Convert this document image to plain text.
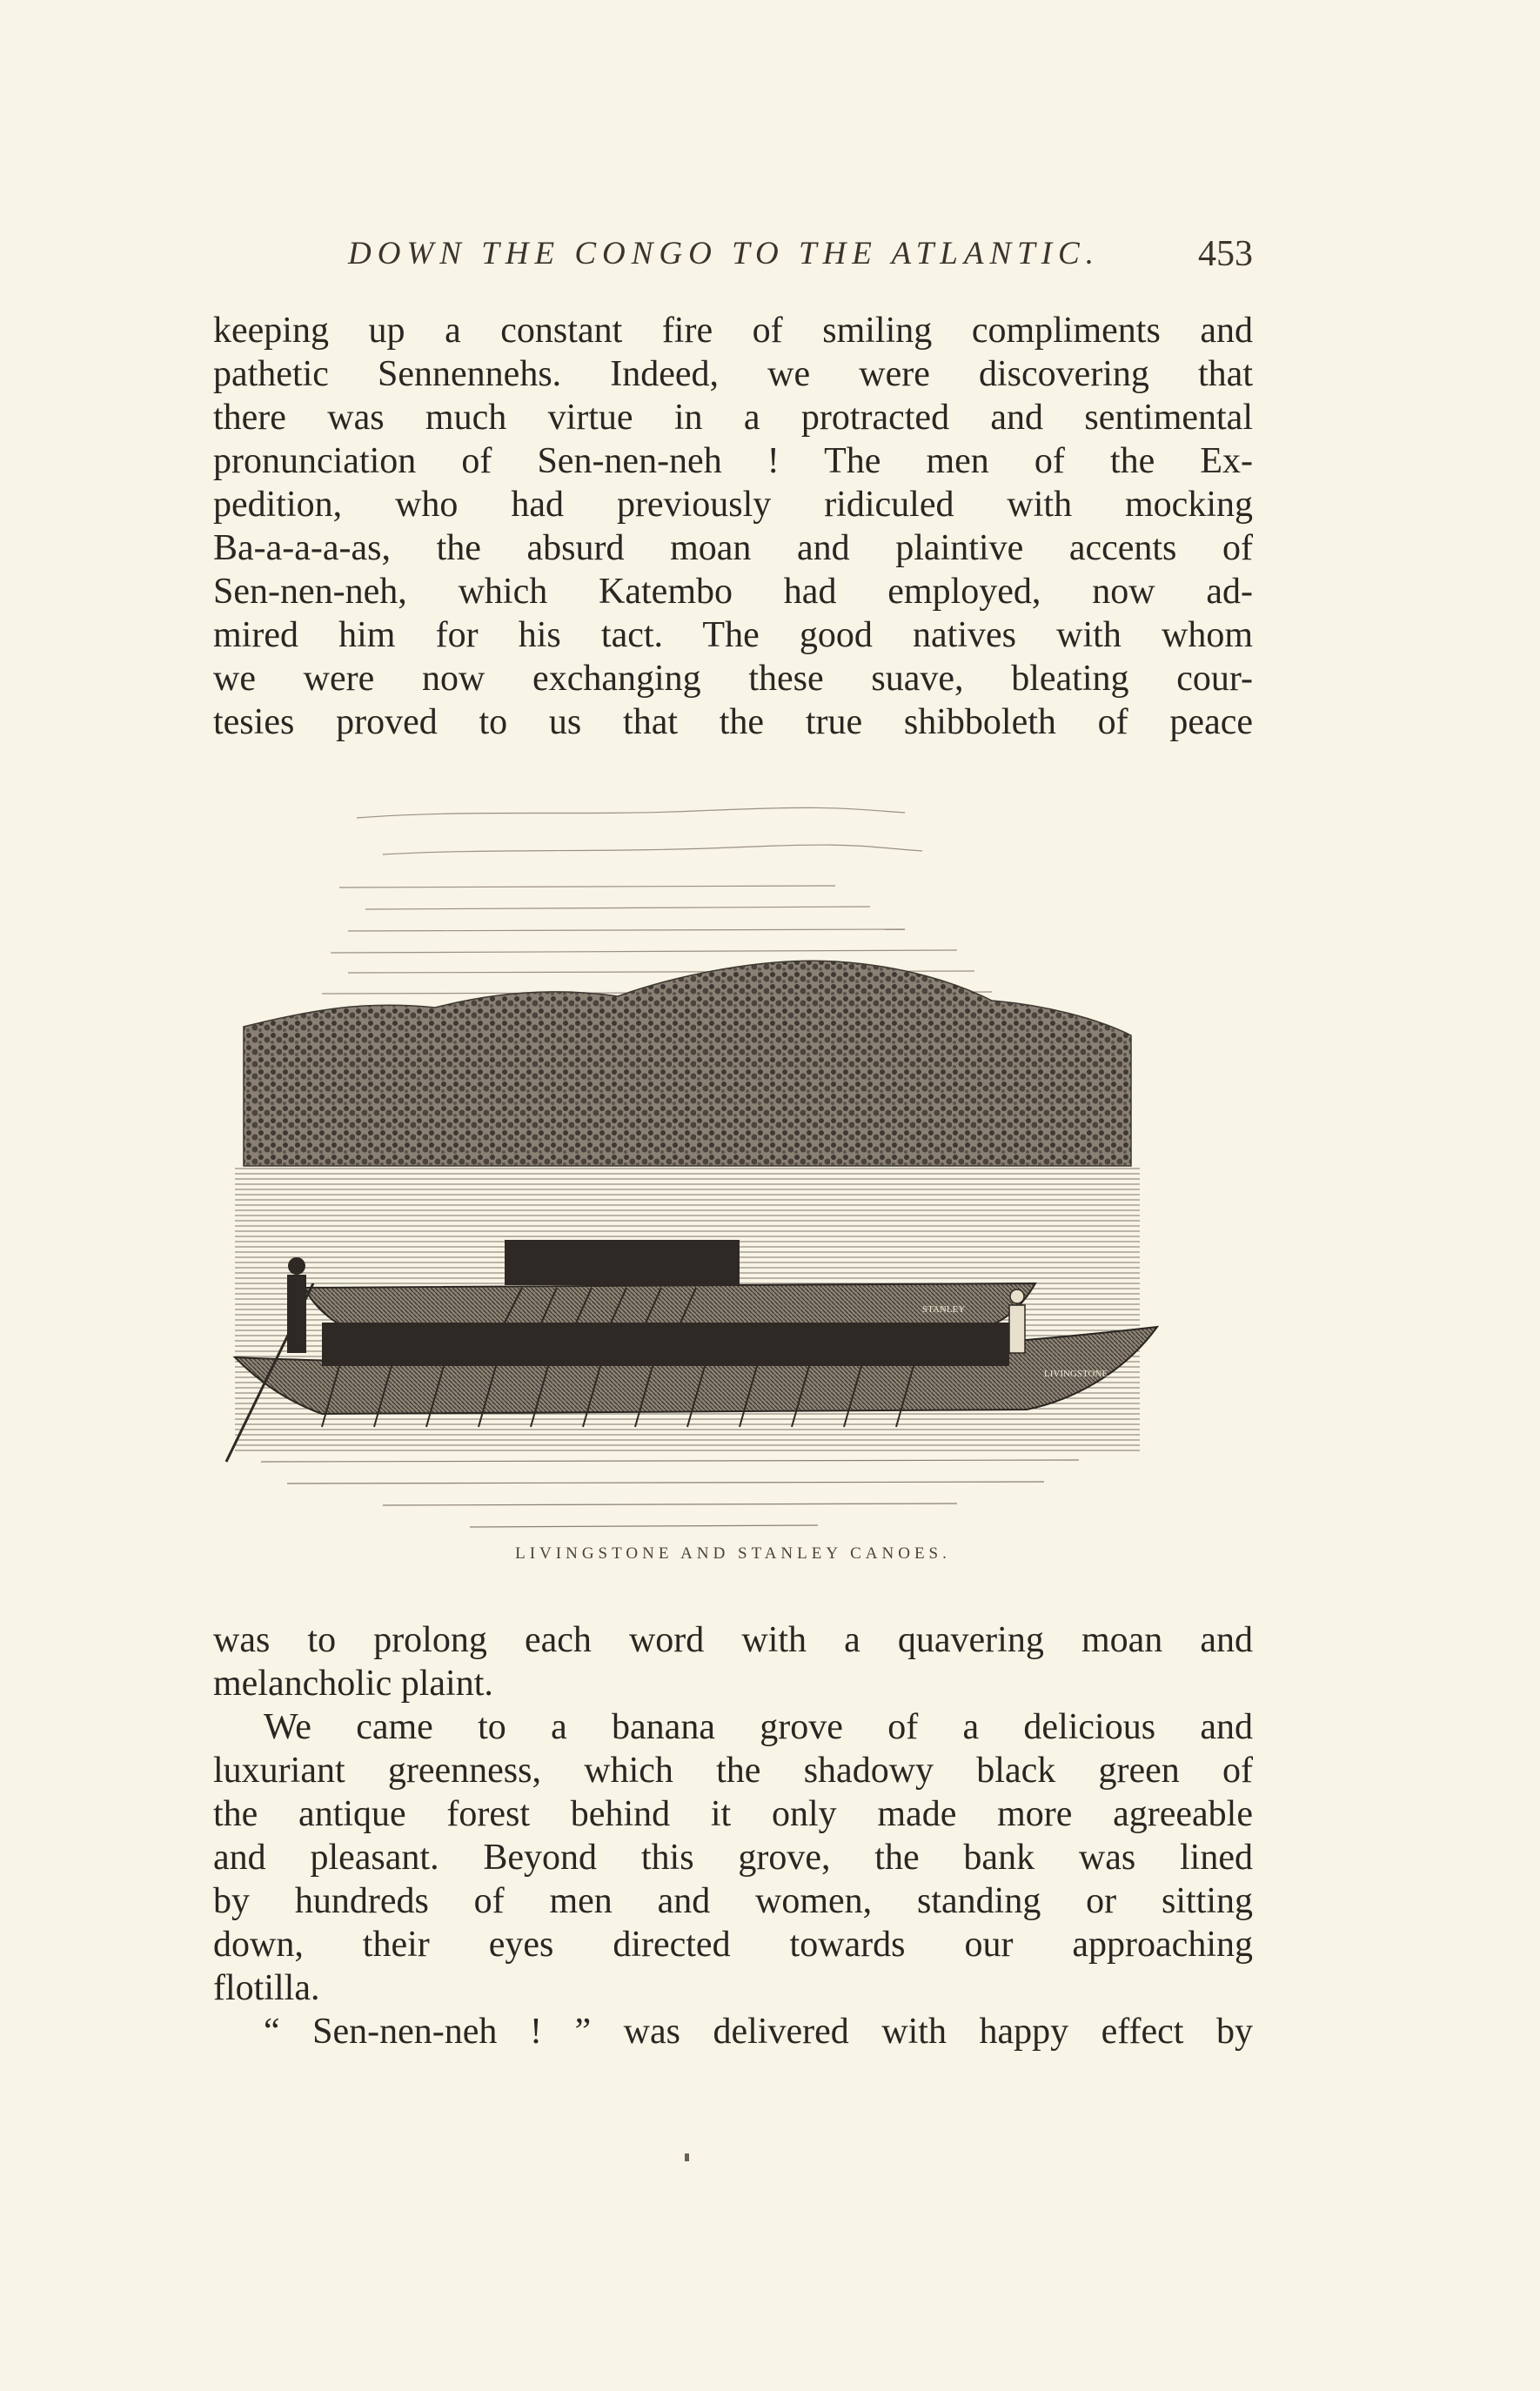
DOWN THE CONGO TO THE ATLANTIC.	453
keeping up a constant fire of smiling compliments and
pathetic Sennennehs. Indeed, we were discovering that
there was much virtue in a protracted and sentimental
pronunciation of Sen-nen-neh ! The men of the Ex-
pedition, who had previously ridiculed with mocking
Ba-a-a-a-as, the absurd moan and plaintive accents of
Sen-nen-neh, which Katembo had employed, now ad-
mired him for his tact. The good natives with whom
we were now exchanging these suave, bleating cour-
tesies proved to us that the true shibboleth of peace
STANLEY
LIVINGSTONE
LIVINGSTONE AND STANLEY CANOES.
was to prolong each word with a quavering moan and
melancholic plaint.
We came to a banana grove of a delicious and
luxuriant greenness, which the shadowy black green of
the antique forest behind it only made more agreeable
and pleasant. Beyond this grove, the bank was lined
by hundreds of men and women, standing or sitting
down, their eyes directed towards our approaching
flotilla.
“ Sen-nen-neh ! ” was delivered with happy effect by
